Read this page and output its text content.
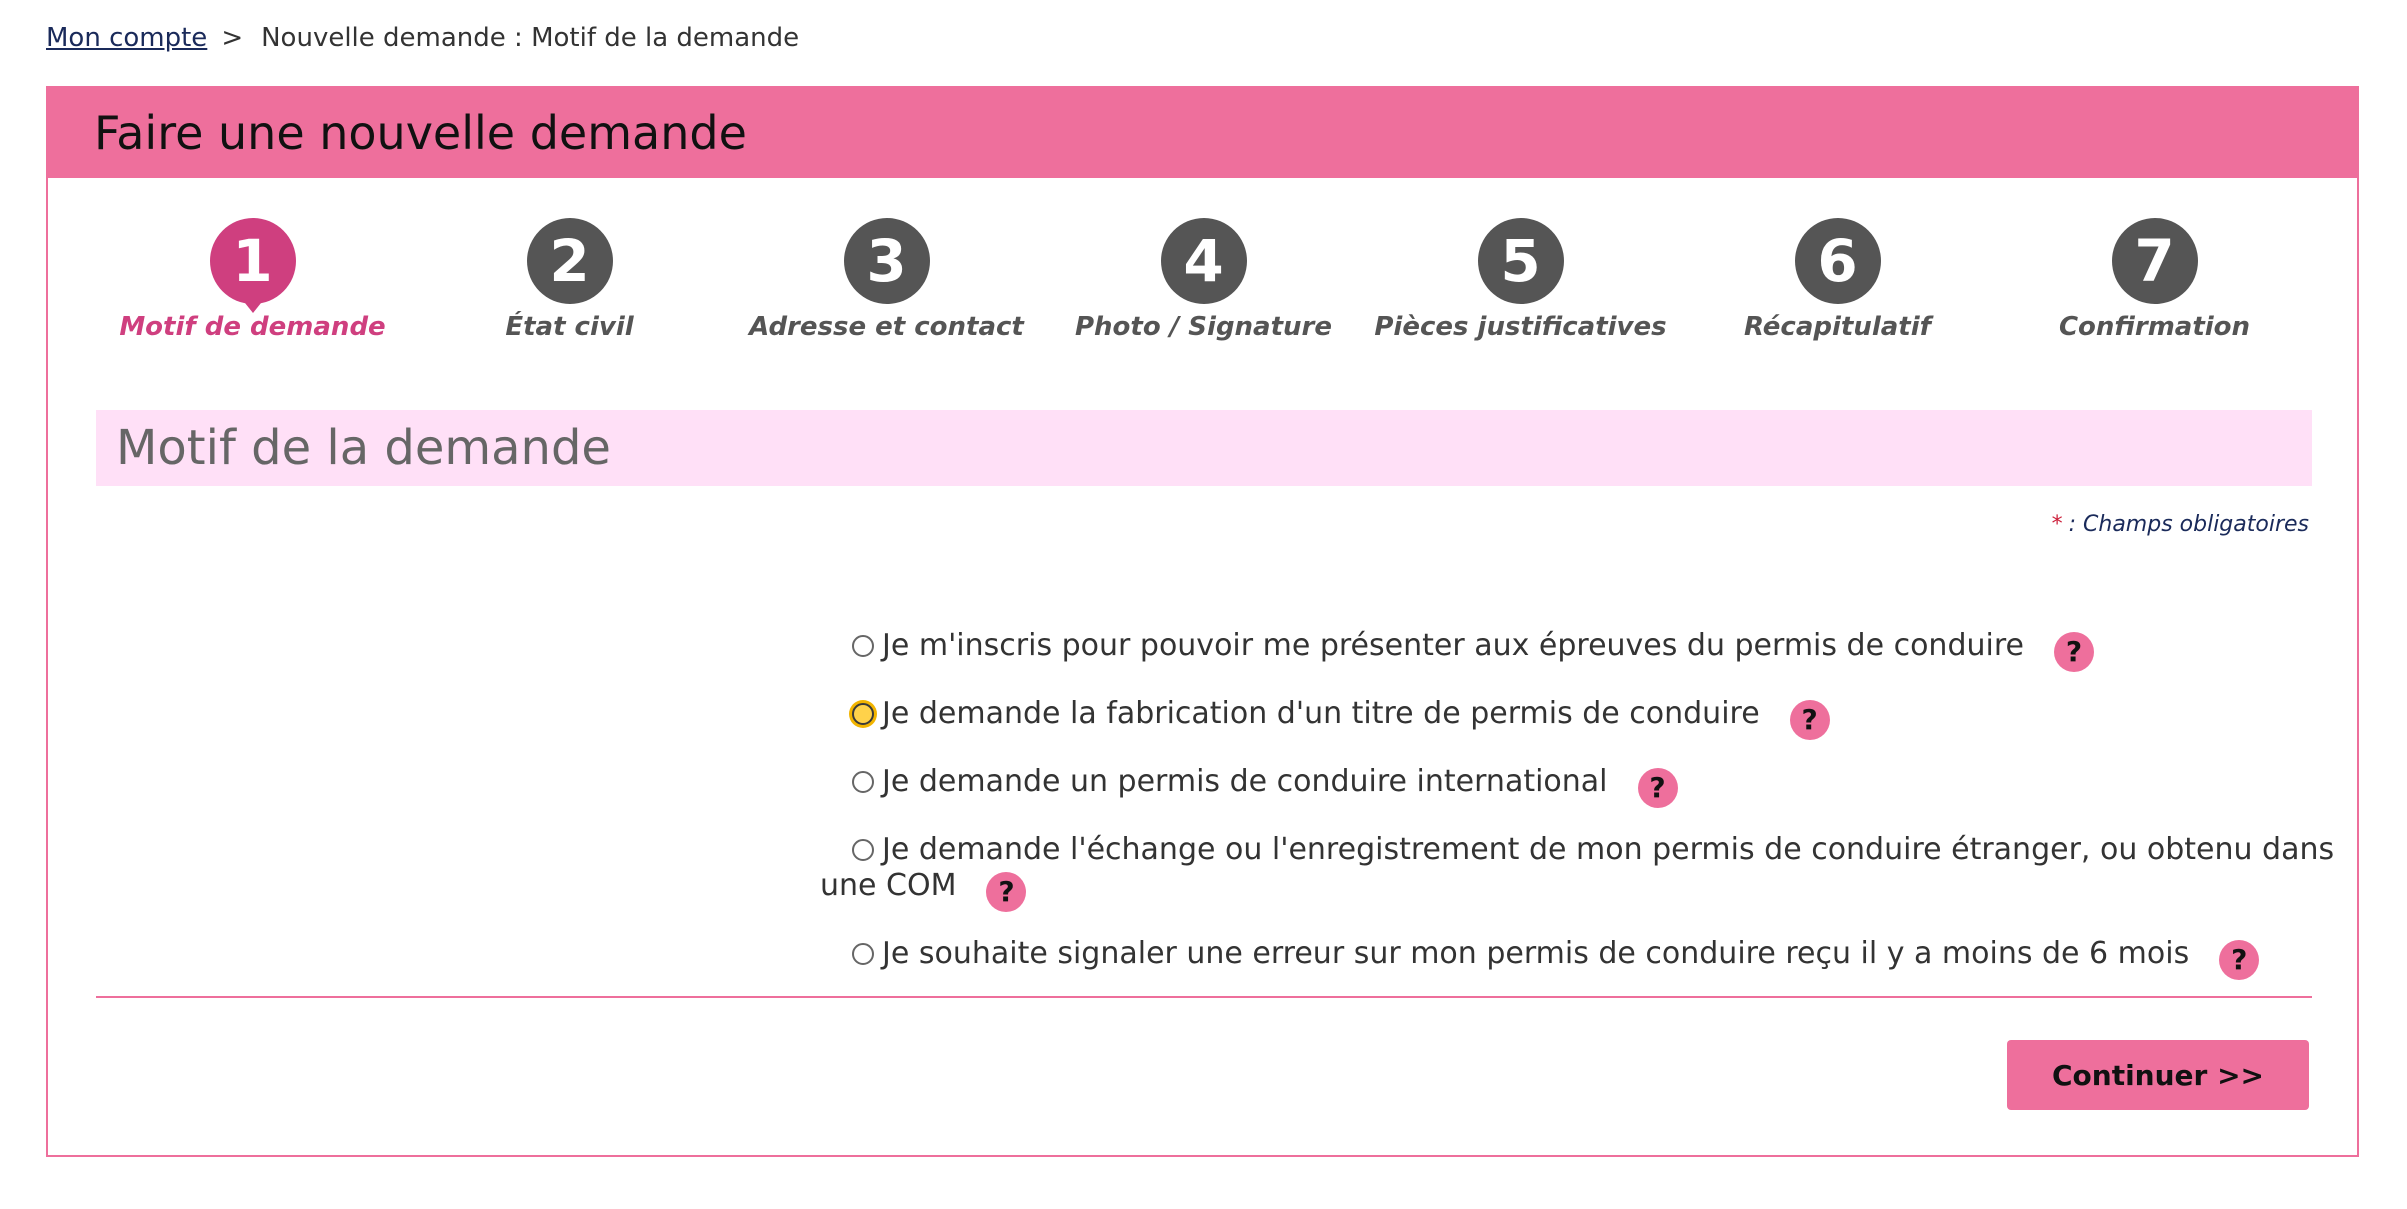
Mon compte > Nouvelle demande : Motif de la demande
Faire une nouvelle demande
1
Motif de demande
2
État civil
3
Adresse et contact
4
Photo / Signature
5
Pièces justificatives
6
Récapitulatif
7
Confirmation
Motif de la demande
* : Champs obligatoires
Je m'inscris pour pouvoir me présenter aux épreuves du permis de conduire ?
Je demande la fabrication d'un titre de permis de conduire ?
Je demande un permis de conduire international ?
Je demande l'échange ou l'enregistrement de mon permis de conduire étranger, ou obtenu dans une COM ?
Je souhaite signaler une erreur sur mon permis de conduire reçu il y a moins de 6 mois ?
Continuer >>
